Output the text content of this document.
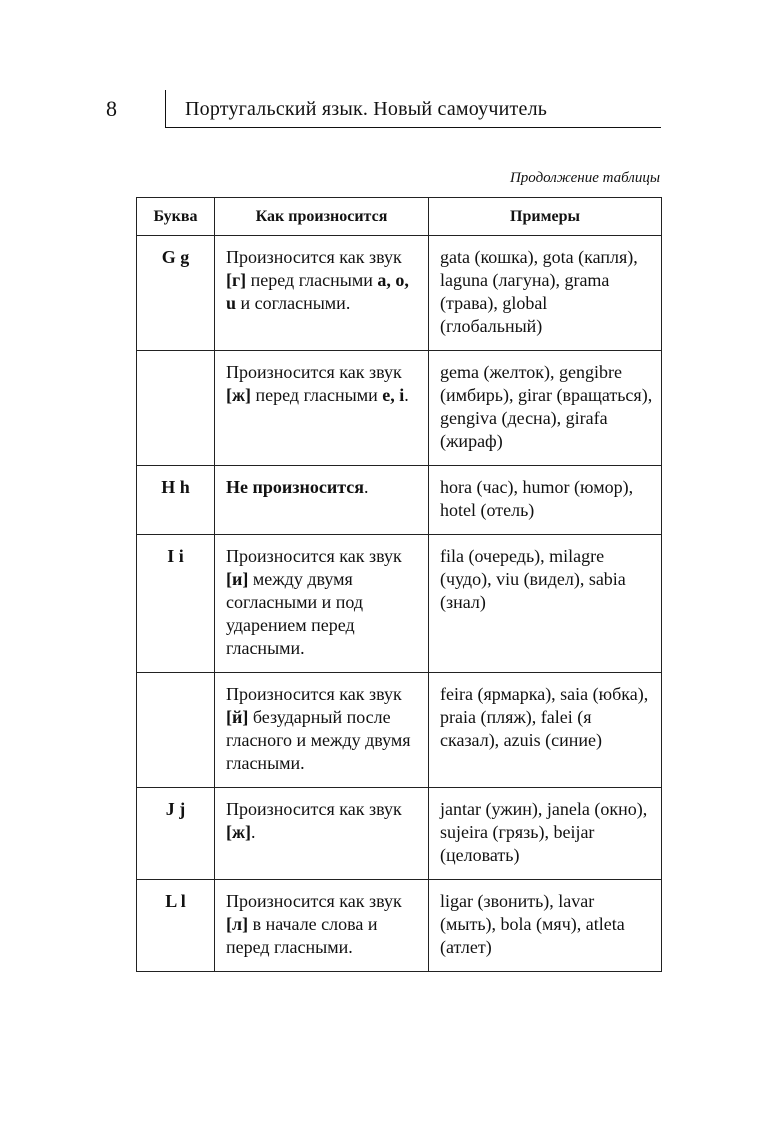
8	Португальский язык. Новый самоучитель
Продолжение таблицы
Буква	Как произносится	Примеры
G g	Произносится как звук [г] перед гласными a, o, u и согласными.	gata (кошка), gota (капля), laguna (лагуна), grama (трава), global (глобальный)
	Произносится как звук [ж] перед гласными e, i.	gema (желток), gengibre (имбирь), girar (вращаться), gengiva (десна), girafa (жираф)
H h	Не произносится.	hora (час), humor (юмор), hotel (отель)
I i	Произносится как звук [и] между двумя согласными и под ударением перед гласными.	fila (очередь), milagre (чудо), viu (видел), sabia (знал)
	Произносится как звук [й] безударный после гласного и между двумя гласными.	feira (ярмарка), saia (юбка), praia (пляж), falei (я сказал), azuis (синие)
J j	Произносится как звук [ж].	jantar (ужин), janela (окно), sujeira (грязь), beijar (целовать)
L l	Произносится как звук [л] в начале слова и перед гласными.	ligar (звонить), lavar (мыть), bola (мяч), atleta (атлет)
